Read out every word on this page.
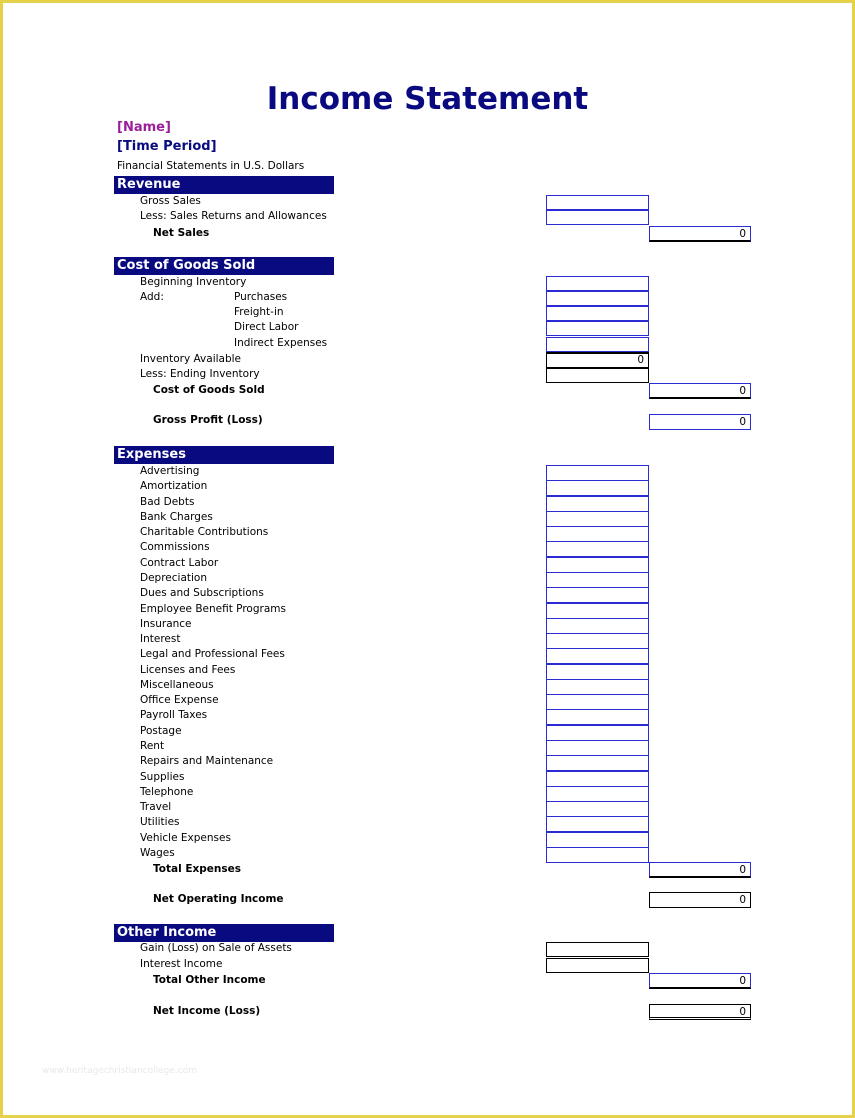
Income Statement
[Name]
[Time Period]
Financial Statements in U.S. Dollars
Revenue
Gross Sales
Less: Sales Returns and Allowances
Net Sales	0
Cost of Goods Sold
Beginning Inventory
Add:	Purchases
Freight-in
Direct Labor
Indirect Expenses
Inventory Available	0
Less: Ending Inventory
Cost of Goods Sold	0
Gross Profit (Loss)	0
Expenses
Advertising
Amortization
Bad Debts
Bank Charges
Charitable Contributions
Commissions
Contract Labor
Depreciation
Dues and Subscriptions
Employee Benefit Programs
Insurance
Interest
Legal and Professional Fees
Licenses and Fees
Miscellaneous
Office Expense
Payroll Taxes
Postage
Rent
Repairs and Maintenance
Supplies
Telephone
Travel
Utilities
Vehicle Expenses
Wages
Total Expenses	0
Net Operating Income	0
Other Income
Gain (Loss) on Sale of Assets
Interest Income
Total Other Income	0
Net Income (Loss)	0
www.heritagechristiancollege.com
